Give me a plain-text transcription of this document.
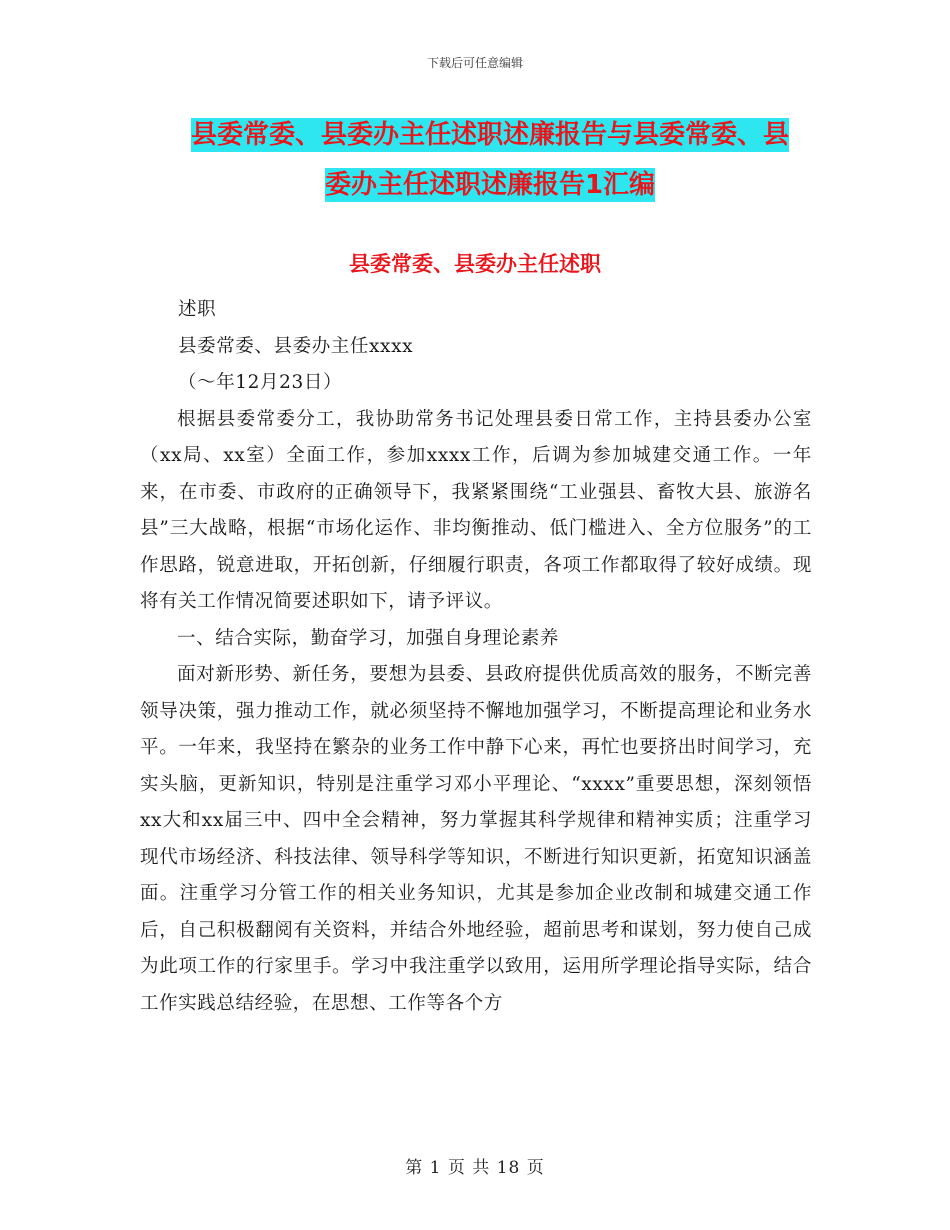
下载后可任意编辑
县委常委、县委办主任述职述廉报告与县委常委、县
委办主任述职述廉报告1汇编
县委常委、县委办主任述职

述职

县委常委、县委办主任xxxx

（～年12月23日）

根据县委常委分工，我协助常务书记处理县委日常工作，主持县委办公室（xx局、xx室）全面工作，参加xxxx工作，后调为参加城建交通工作。一年来，在市委、市政府的正确领导下，我紧紧围绕“工业强县、畜牧大县、旅游名县”三大战略，根据“市场化运作、非均衡推动、低门槛进入、全方位服务”的工作思路，锐意进取，开拓创新，仔细履行职责，各项工作都取得了较好成绩。现将有关工作情况简要述职如下，请予评议。

一、结合实际，勤奋学习，加强自身理论素养

面对新形势、新任务，要想为县委、县政府提供优质高效的服务，不断完善领导决策，强力推动工作，就必须坚持不懈地加强学习，不断提高理论和业务水平。一年来，我坚持在繁杂的业务工作中静下心来，再忙也要挤出时间学习，充实头脑，更新知识，特别是注重学习邓小平理论、“xxxx”重要思想，深刻领悟xx大和xx届三中、四中全会精神，努力掌握其科学规律和精神实质；注重学习现代市场经济、科技法律、领导科学等知识，不断进行知识更新，拓宽知识涵盖面。注重学习分管工作的相关业务知识，尤其是参加企业改制和城建交通工作后，自己积极翻阅有关资料，并结合外地经验，超前思考和谋划，努力使自己成为此项工作的行家里手。学习中我注重学以致用，运用所学理论指导实际，结合工作实践总结经验，在思想、工作等各个方

第 1 页 共 18 页
